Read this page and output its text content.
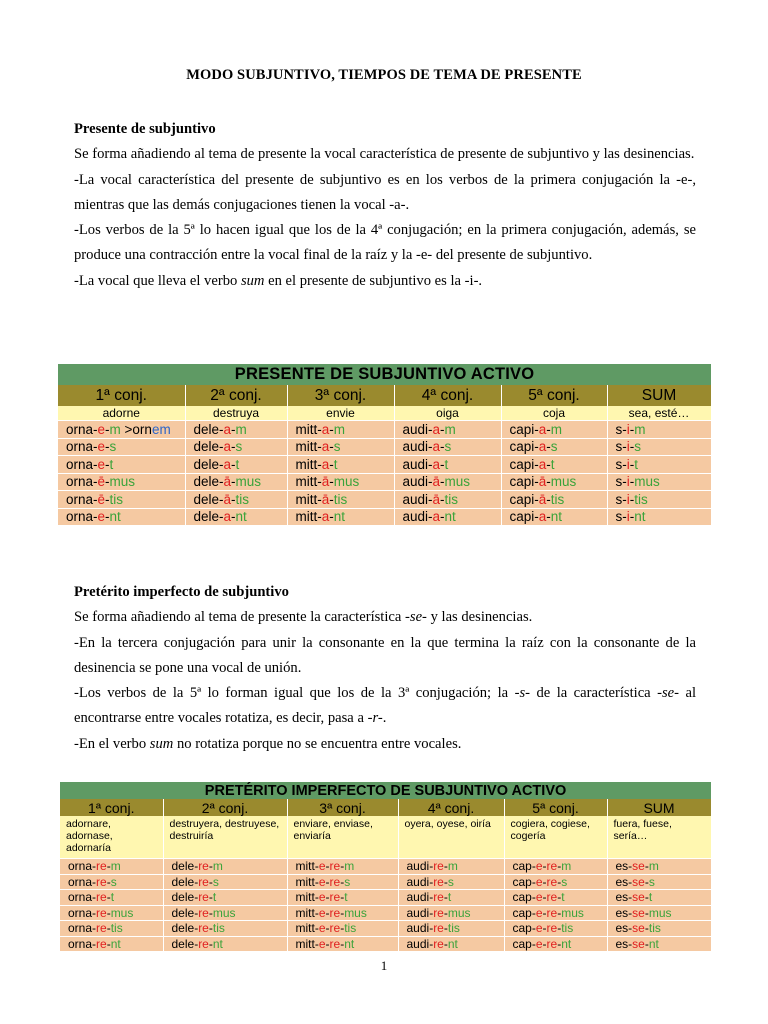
MODO SUBJUNTIVO, TIEMPOS DE TEMA DE PRESENTE
Presente de subjuntivo

Se forma añadiendo al tema de presente la vocal característica de presente de subjuntivo y las desinencias.

-La vocal característica del presente de subjuntivo es en los verbos de la primera conjugación la -e-, mientras que las demás conjugaciones tienen la vocal -a-.

-Los verbos de la 5ª lo hacen igual que los de la 4ª conjugación; en la primera conjugación, además, se produce una contracción entre la vocal final de la raíz y la -e- del presente de subjuntivo.

-La vocal que lleva el verbo sum en el presente de subjuntivo es la -i-.

PRESENTE DE SUBJUNTIVO ACTIVO					
1ª conj.	2ª conj.	3ª conj.	4ª conj.	5ª conj.	SUM
adorne	destruya	envie	oiga	coja	sea, esté…
orna-e-m >ornem	dele-a-m	mitt-a-m	audi-a-m	capi-a-m	s-i-m
orna-e-s	dele-a-s	mitt-a-s	audi-a-s	capi-a-s	s-i-s
orna-e-t	dele-a-t	mitt-a-t	audi-a-t	capi-a-t	s-i-t
orna-ē-mus	dele-ā-mus	mitt-ā-mus	audi-ā-mus	capi-ā-mus	s-i-mus
orna-ē-tis	dele-ā-tis	mitt-ā-tis	audi-ā-tis	capi-ā-tis	s-i-tis
orna-e-nt	dele-a-nt	mitt-a-nt	audi-a-nt	capi-a-nt	s-i-nt
Pretérito imperfecto de subjuntivo

Se forma añadiendo al tema de presente la característica -se- y las desinencias.

-En la tercera conjugación para unir la consonante en la que termina la raíz con la consonante de la desinencia se pone una vocal de unión.

-Los verbos de la 5ª lo forman igual que los de la 3ª conjugación; la -s- de la característica -se- al encontrarse entre vocales rotatiza, es decir, pasa a -r-.

-En el verbo sum no rotatiza porque no se encuentra entre vocales.

PRETÉRITO IMPERFECTO DE SUBJUNTIVO ACTIVO					
1ª conj.	2ª conj.	3ª conj.	4ª conj.	5ª conj.	SUM
adornare, adornase, adornaría	destruyera, destruyese, destruiría	enviare, enviase, enviaría	oyera, oyese, oiría	cogiera, cogiese, cogería	fuera, fuese, sería…
orna-re-m	dele-re-m	mitt-e-re-m	audi-re-m	cap-e-re-m	es-se-m
orna-re-s	dele-re-s	mitt-e-re-s	audi-re-s	cap-e-re-s	es-se-s
orna-re-t	dele-re-t	mitt-e-re-t	audi-re-t	cap-e-re-t	es-se-t
orna-re-mus	dele-re-mus	mitt-e-re-mus	audi-re-mus	cap-e-re-mus	es-se-mus
orna-re-tis	dele-re-tis	mitt-e-re-tis	audi-re-tis	cap-e-re-tis	es-se-tis
orna-re-nt	dele-re-nt	mitt-e-re-nt	audi-re-nt	cap-e-re-nt	es-se-nt
1
